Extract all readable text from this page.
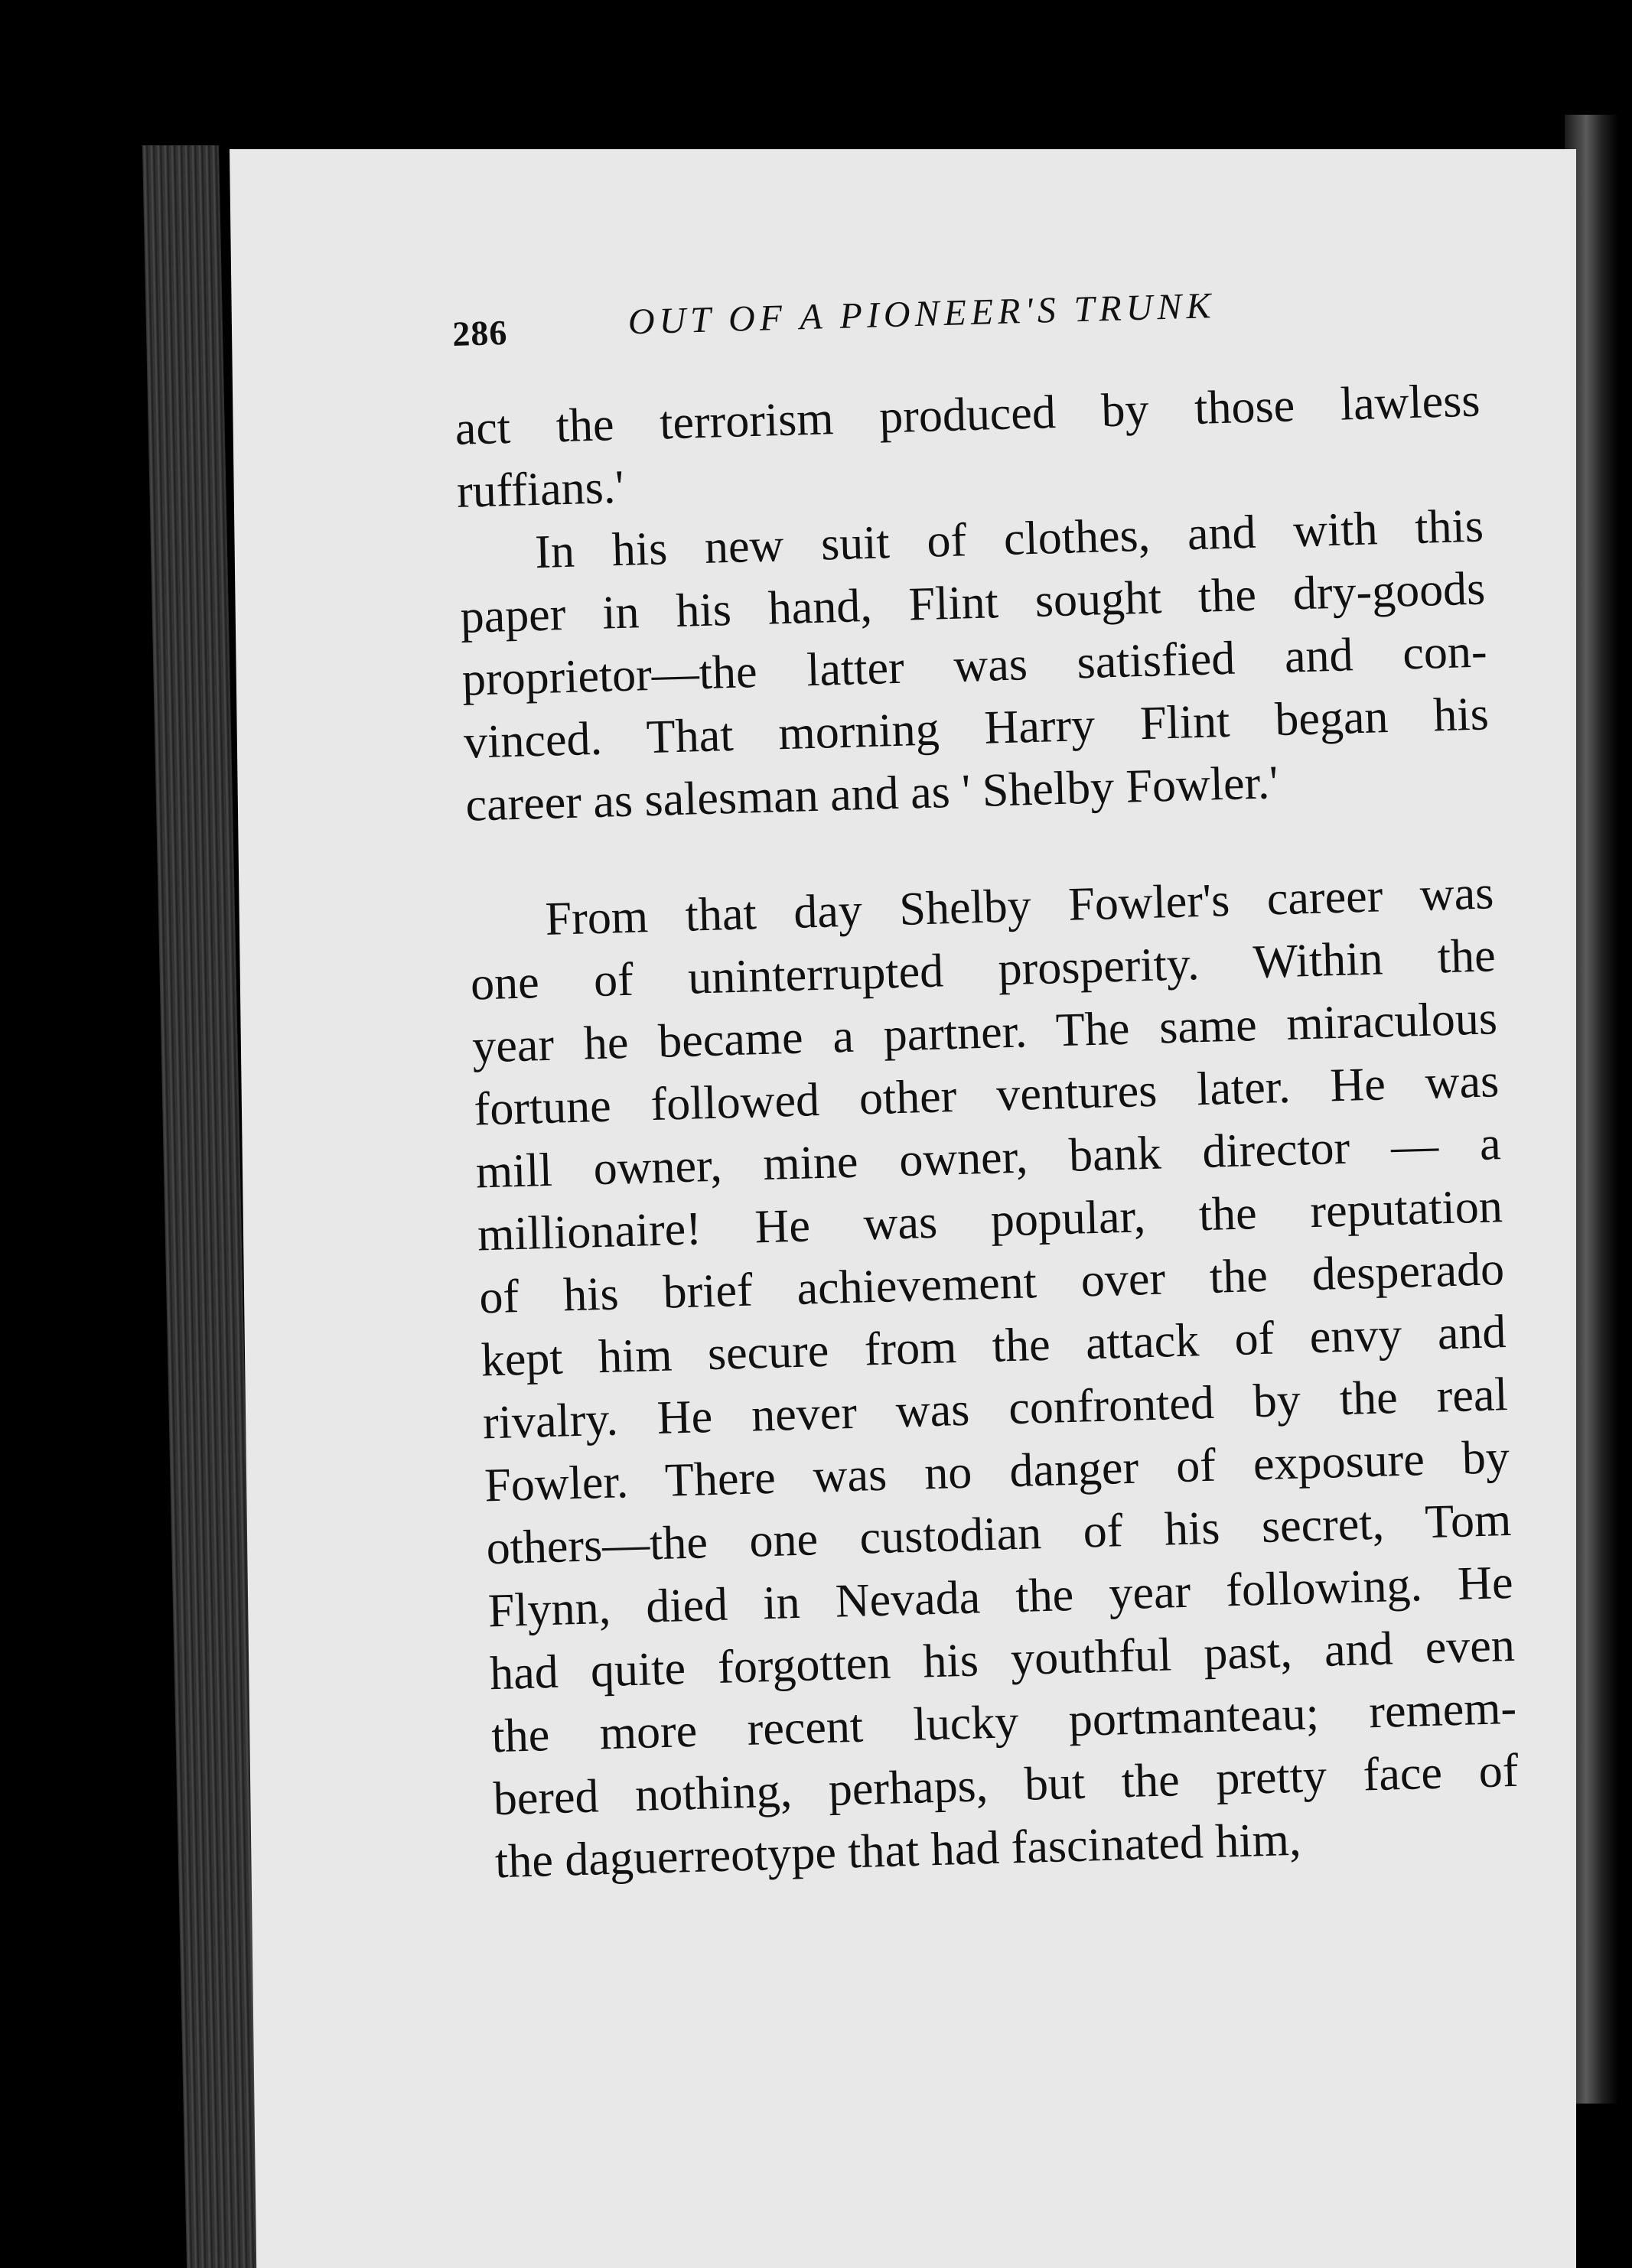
286	OUT OF A PIONEER'S TRUNK

act the terrorism produced by those lawless
ruffians.'

In his new suit of clothes, and with this
paper in his hand, Flint sought the dry-goods
proprietor—the latter was satisfied and con-
vinced. That morning Harry Flint began his
career as salesman and as ' Shelby Fowler.'

From that day Shelby Fowler's career was
one of uninterrupted prosperity. Within the
year he became a partner. The same miraculous
fortune followed other ventures later. He was
mill owner, mine owner, bank director — a
millionaire! He was popular, the reputation
of his brief achievement over the desperado
kept him secure from the attack of envy and
rivalry. He never was confronted by the real
Fowler. There was no danger of exposure by
others—the one custodian of his secret, Tom
Flynn, died in Nevada the year following. He
had quite forgotten his youthful past, and even
the more recent lucky portmanteau; remem-
bered nothing, perhaps, but the pretty face of
the daguerreotype that had fascinated him,
